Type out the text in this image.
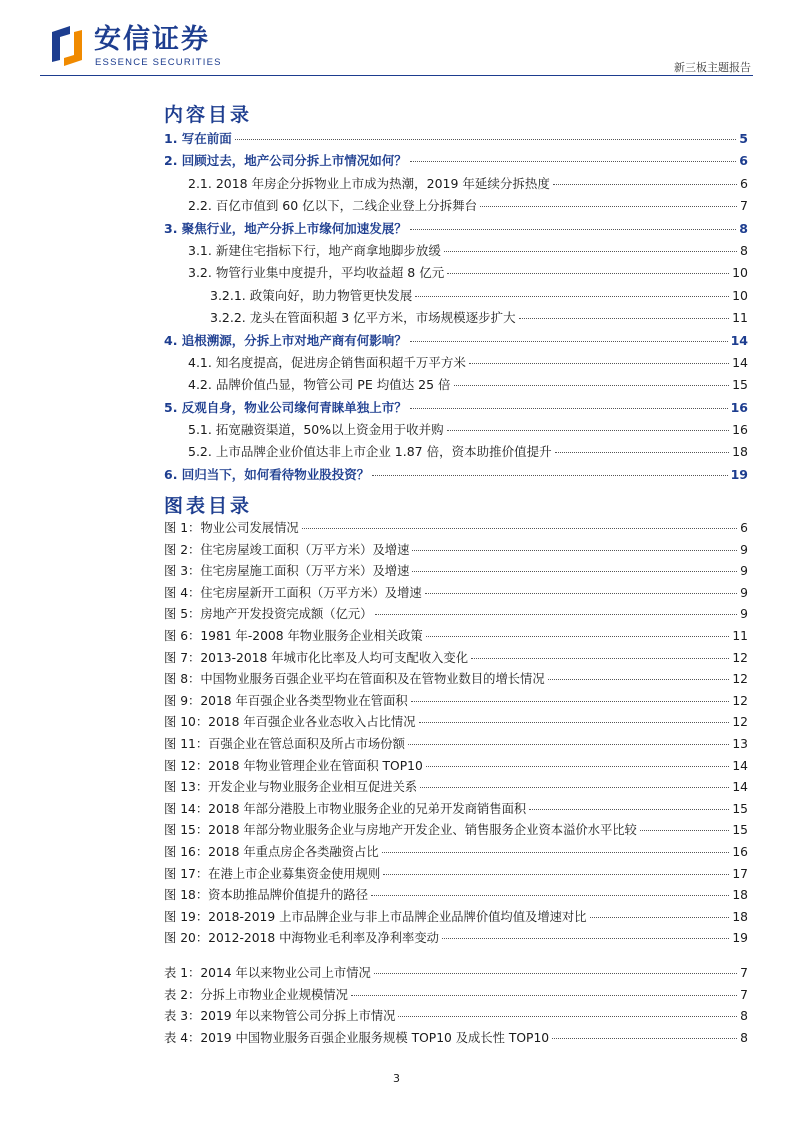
安信证券
ESSENCE SECURITIES	新三板主题报告
内容目录
1. 写在前面	5
2. 回顾过去，地产公司分拆上市情况如何？	6
2.1. 2018 年房企分拆物业上市成为热潮，2019 年延续分拆热度	6
2.2. 百亿市值到 60 亿以下，二线企业登上分拆舞台	7
3. 聚焦行业，地产分拆上市缘何加速发展？	8
3.1. 新建住宅指标下行，地产商拿地脚步放缓	8
3.2. 物管行业集中度提升，平均收益超 8 亿元	10
3.2.1. 政策向好，助力物管更快发展	10
3.2.2. 龙头在管面积超 3 亿平方米，市场规模逐步扩大	11
4. 追根溯源，分拆上市对地产商有何影响？	14
4.1. 知名度提高，促进房企销售面积超千万平方米	14
4.2. 品牌价值凸显，物管公司 PE 均值达 25 倍	15
5. 反观自身，物业公司缘何青睐单独上市？	16
5.1. 拓宽融资渠道，50%以上资金用于收并购	16
5.2. 上市品牌企业价值达非上市企业 1.87 倍，资本助推价值提升	18
6. 回归当下，如何看待物业股投资？	19
图表目录
图 1：物业公司发展情况	6
图 2：住宅房屋竣工面积（万平方米）及增速	9
图 3：住宅房屋施工面积（万平方米）及增速	9
图 4：住宅房屋新开工面积（万平方米）及增速	9
图 5：房地产开发投资完成额（亿元）	9
图 6：1981 年-2008 年物业服务企业相关政策	11
图 7：2013-2018 年城市化比率及人均可支配收入变化	12
图 8：中国物业服务百强企业平均在管面积及在管物业数目的增长情况	12
图 9：2018 年百强企业各类型物业在管面积	12
图 10：2018 年百强企业各业态收入占比情况	12
图 11：百强企业在管总面积及所占市场份额	13
图 12：2018 年物业管理企业在管面积 TOP10	14
图 13：开发企业与物业服务企业相互促进关系	14
图 14：2018 年部分港股上市物业服务企业的兄弟开发商销售面积	15
图 15：2018 年部分物业服务企业与房地产开发企业、销售服务企业资本溢价水平比较	15
图 16：2018 年重点房企各类融资占比	16
图 17：在港上市企业募集资金使用规则	17
图 18：资本助推品牌价值提升的路径	18
图 19：2018-2019 上市品牌企业与非上市品牌企业品牌价值均值及增速对比	18
图 20：2012-2018 中海物业毛利率及净利率变动	19
表 1：2014 年以来物业公司上市情况	7
表 2：分拆上市物业企业规模情况	7
表 3：2019 年以来物管公司分拆上市情况	8
表 4：2019 中国物业服务百强企业服务规模 TOP10 及成长性 TOP10	8
3
